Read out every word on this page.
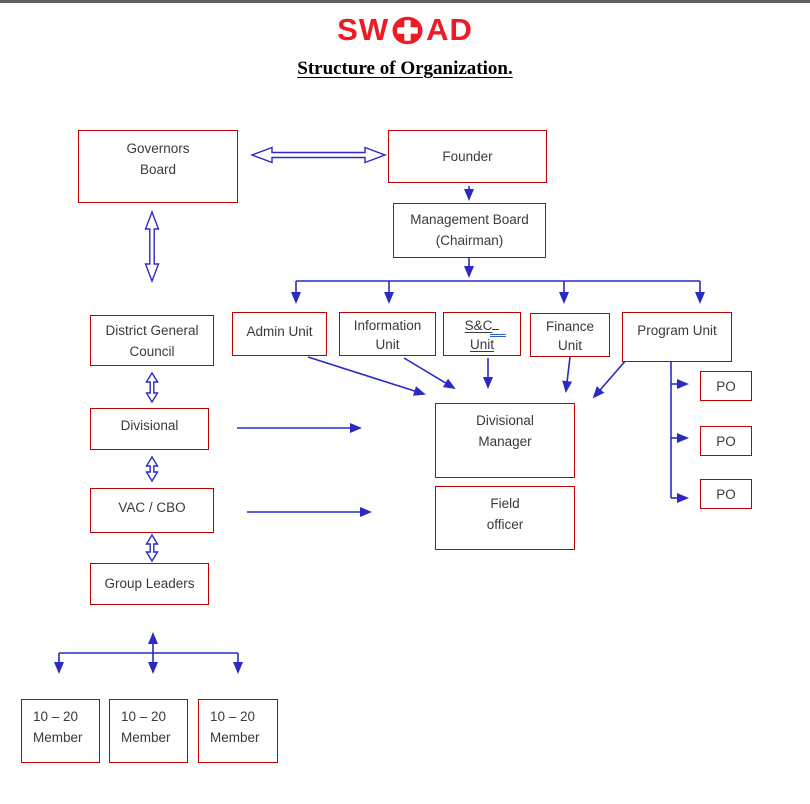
SW AD
Structure of Organization.
Governors
Board
Founder
Management Board
(Chairman)
District General
Council
Admin Unit	Information
Unit
S&C
Unit
Finance
Unit
Program Unit
Divisional	Divisional
Manager
VAC / CBO	Field
officer
Group Leaders
PO
PO
PO
10 – 20
Member
10 – 20
Member
10 – 20
Member
